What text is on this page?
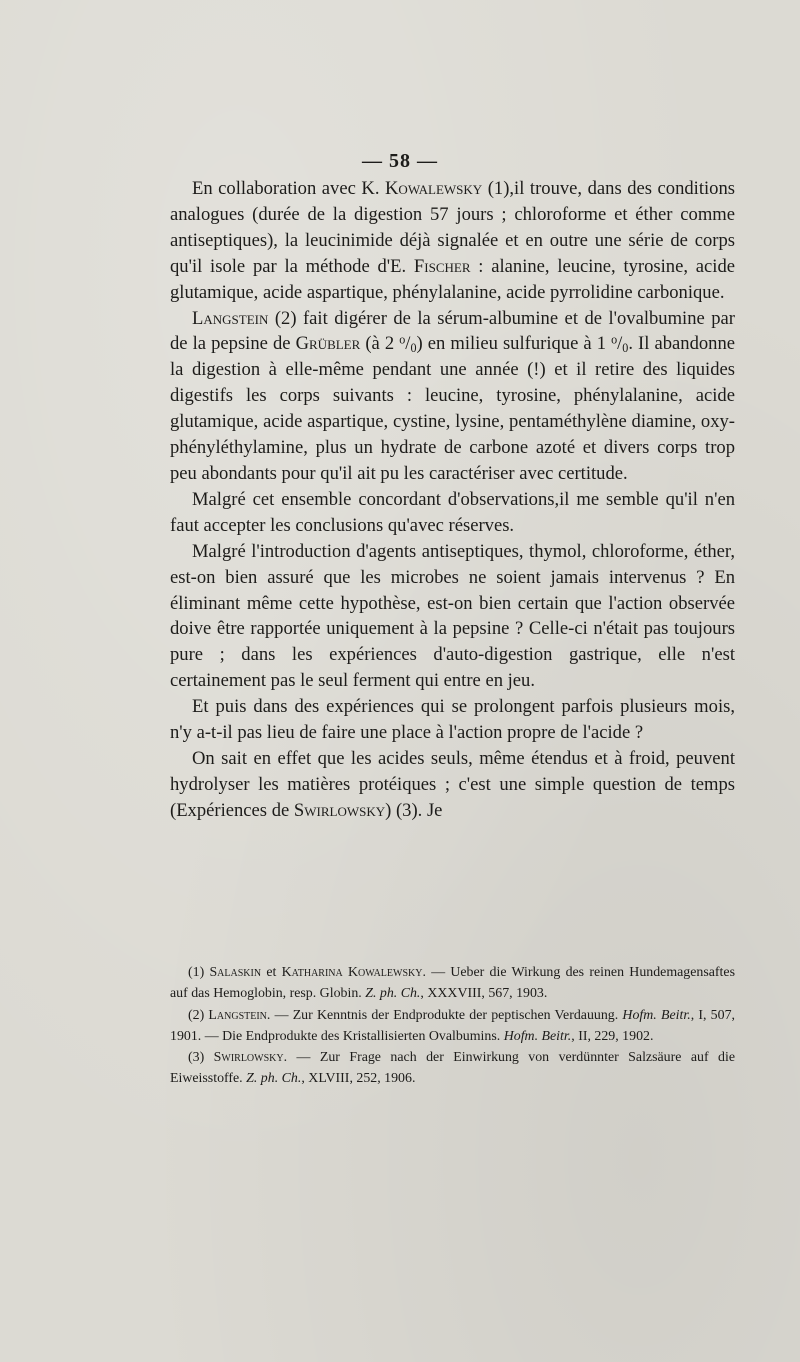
— 58 —

En collaboration avec K. Kowalewsky (1),il trouve, dans des conditions analogues (durée de la digestion 57 jours ; chloroforme et éther comme antiseptiques), la leucinimide déjà signalée et en outre une série de corps qu'il isole par la méthode d'E. Fischer : alanine, leucine, tyrosine, acide glutamique, acide aspartique, phénylalanine, acide pyrrolidine carbonique.

Langstein (2) fait digérer de la sérum-albumine et de l'ovalbumine par de la pepsine de Grübler (à 2 $^o/_0$) en milieu sulfurique à 1 $^o/_0$. Il abandonne la digestion à elle-même pendant une année (!) et il retire des liquides digestifs les corps suivants : leucine, tyrosine, phénylalanine, acide glutamique, acide aspartique, cystine, lysine, pentaméthylène diamine, oxyphényléthylamine, plus un hydrate de carbone azoté et divers corps trop peu abondants pour qu'il ait pu les caractériser avec certitude.

Malgré cet ensemble concordant d'observations,il me semble qu'il n'en faut accepter les conclusions qu'avec réserves.

Malgré l'introduction d'agents antiseptiques, thymol, chloroforme, éther, est-on bien assuré que les microbes ne soient jamais intervenus ? En éliminant même cette hypothèse, est-on bien certain que l'action observée doive être rapportée uniquement à la pepsine ? Celle-ci n'était pas toujours pure ; dans les expériences d'auto-digestion gastrique, elle n'est certainement pas le seul ferment qui entre en jeu.

Et puis dans des expériences qui se prolongent parfois plusieurs mois, n'y a-t-il pas lieu de faire une place à l'action propre de l'acide ?

On sait en effet que les acides seuls, même étendus et à froid, peuvent hydrolyser les matières protéiques ; c'est une simple question de temps (Expériences de Swirlowsky) (3). Je

(1) Salaskin et Katharina Kowalewsky. — Ueber die Wirkung des reinen Hundemagensaftes auf das Hemoglobin, resp. Globin. Z. ph. Ch., XXXVIII, 567, 1903.

(2) Langstein. — Zur Kenntnis der Endprodukte der peptischen Verdauung. Hofm. Beitr., I, 507, 1901. — Die Endprodukte des Kristallisierten Ovalbumins. Hofm. Beitr., II, 229, 1902.

(3) Swirlowsky. — Zur Frage nach der Einwirkung von verdünnter Salzsäure auf die Eiweisstoffe. Z. ph. Ch., XLVIII, 252, 1906.
